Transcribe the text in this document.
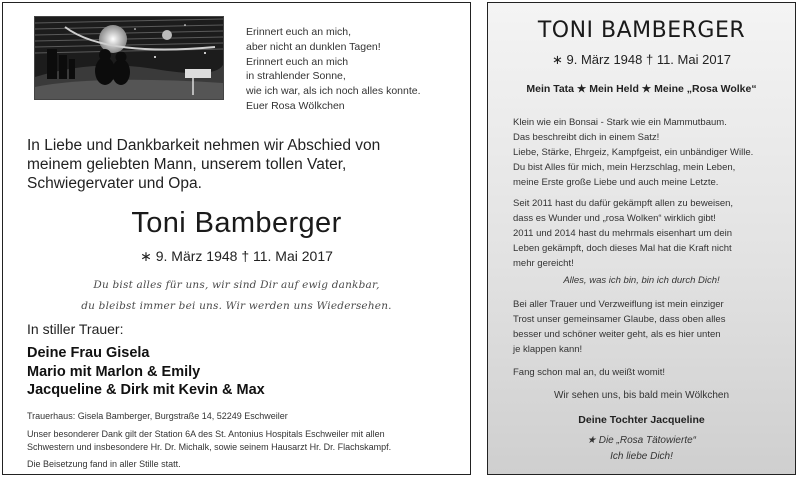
Erinnert euch an mich,
aber nicht an dunklen Tagen!
Erinnert euch an mich
in strahlender Sonne,
wie ich war, als ich noch alles konnte.
Euer Rosa Wölkchen
In Liebe und Dankbarkeit nehmen wir Abschied von
meinem geliebten Mann, unserem tollen Vater,
Schwiegervater und Opa.
Toni Bamberger
∗ 9. März 1948 † 11. Mai 2017
Du bist alles für uns, wir sind Dir auf ewig dankbar,
du bleibst immer bei uns. Wir werden uns Wiedersehen.
In stiller Trauer:
Deine Frau Gisela
Mario mit Marlon & Emily
Jacqueline & Dirk mit Kevin & Max
Trauerhaus: Gisela Bamberger, Burgstraße 14, 52249 Eschweiler
Unser besonderer Dank gilt der Station 6A des St. Antonius Hospitals Eschweiler mit allen
Schwestern und insbesondere Hr. Dr. Michalk, sowie seinem Hausarzt Hr. Dr. Flachskampf.
Die Beisetzung fand in aller Stille statt.
TONI BAMBERGER
∗ 9. März 1948 † 11. Mai 2017
Mein Tata ★ Mein Held ★ Meine „Rosa Wolke“
Klein wie ein Bonsai - Stark wie ein Mammutbaum.
Das beschreibt dich in einem Satz!
Liebe, Stärke, Ehrgeiz, Kampfgeist, ein unbändiger Wille.
Du bist Alles für mich, mein Herzschlag, mein Leben,
meine Erste große Liebe und auch meine Letzte.
Seit 2011 hast du dafür gekämpft allen zu beweisen,
dass es Wunder und „rosa Wolken“ wirklich gibt!
2011 und 2014 hast du mehrmals eisenhart um dein
Leben gekämpft, doch dieses Mal hat die Kraft nicht
mehr gereicht!
Alles, was ich bin, bin ich durch Dich!
Bei aller Trauer und Verzweiflung ist mein einziger
Trost unser gemeinsamer Glaube, dass oben alles
besser und schöner weiter geht, als es hier unten
je klappen kann!
Fang schon mal an, du weißt womit!
Wir sehen uns, bis bald mein Wölkchen
Deine Tochter Jacqueline
★ Die „Rosa Tätowierte“
Ich liebe Dich!
